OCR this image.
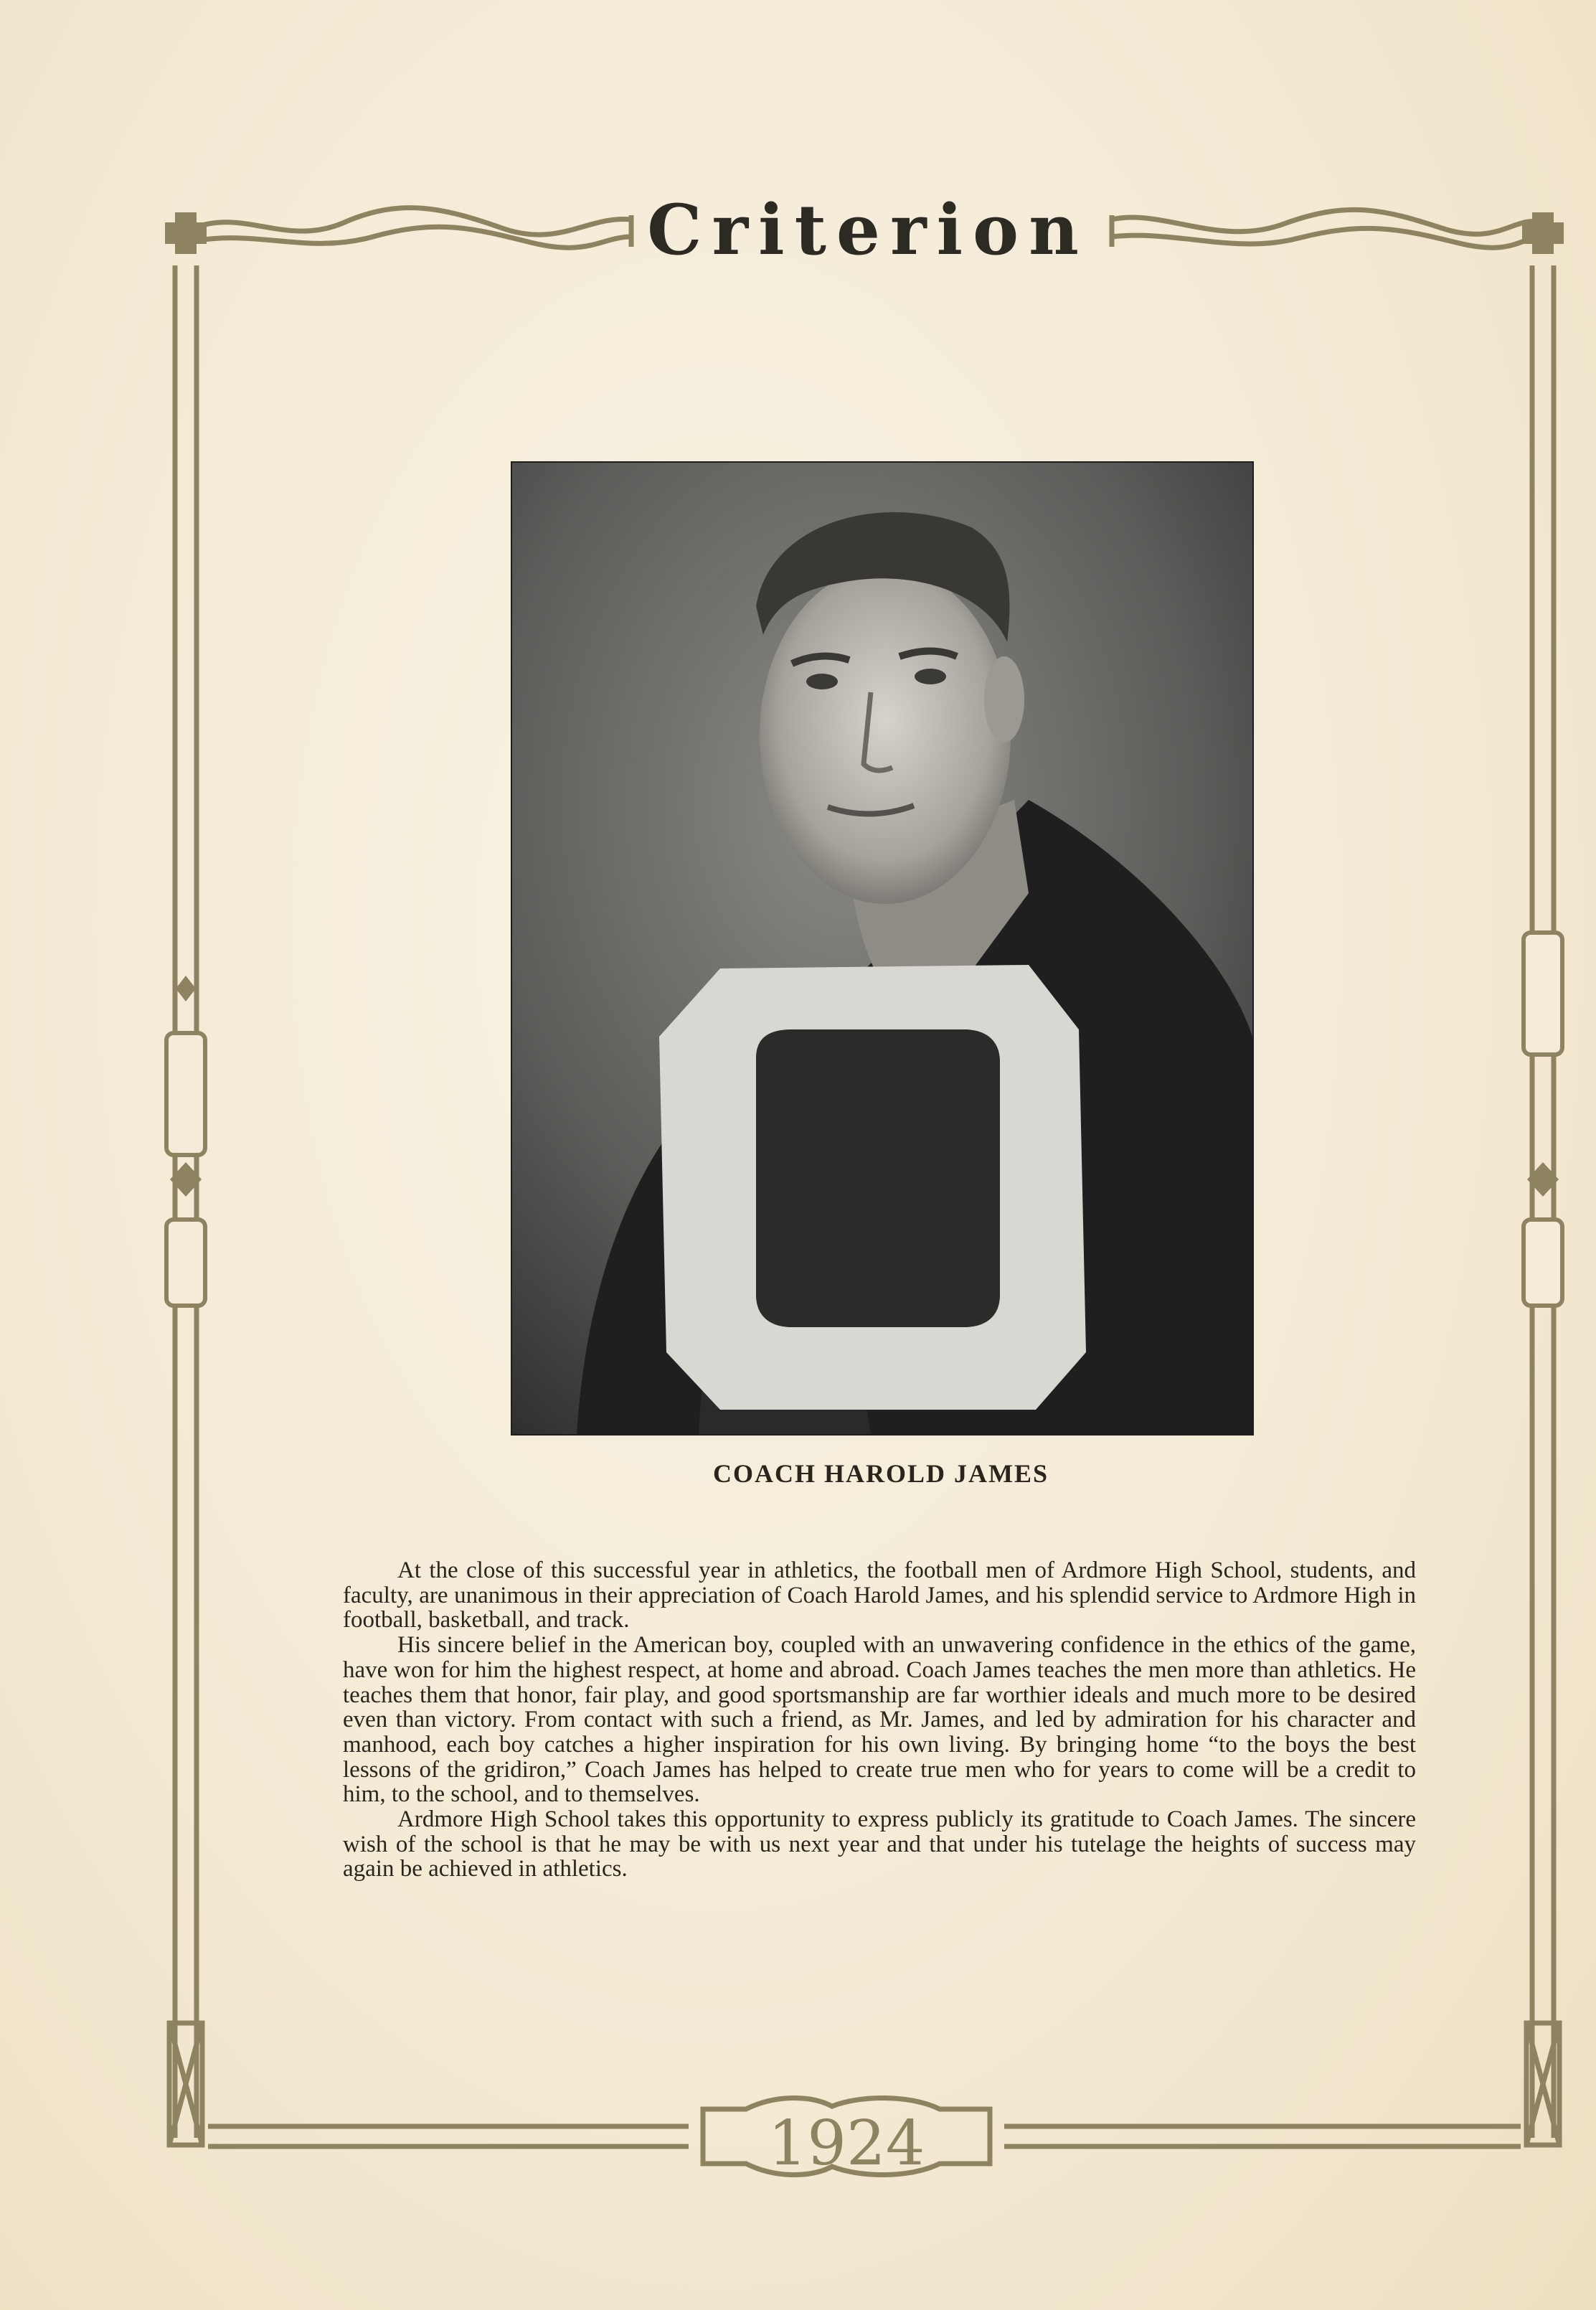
Criterion
1924
COACH HAROLD JAMES

At the close of this successful year in athletics, the football men of Ardmore High School, students, and faculty, are unanimous in their appreciation of Coach Harold James, and his splendid service to Ardmore High in football, basketball, and track.

His sincere belief in the American boy, coupled with an unwavering confidence in the ethics of the game, have won for him the highest respect, at home and abroad. Coach James teaches the men more than athletics. He teaches them that honor, fair play, and good sportsmanship are far worthier ideals and much more to be desired even than victory. From contact with such a friend, as Mr. James, and led by admiration for his character and manhood, each boy catches a higher inspiration for his own living. By bringing home “to the boys the best lessons of the gridiron,” Coach James has helped to create true men who for years to come will be a credit to him, to the school, and to themselves.

Ardmore High School takes this opportunity to express publicly its gratitude to Coach James. The sincere wish of the school is that he may be with us next year and that under his tutelage the heights of success may again be achieved in athletics.
